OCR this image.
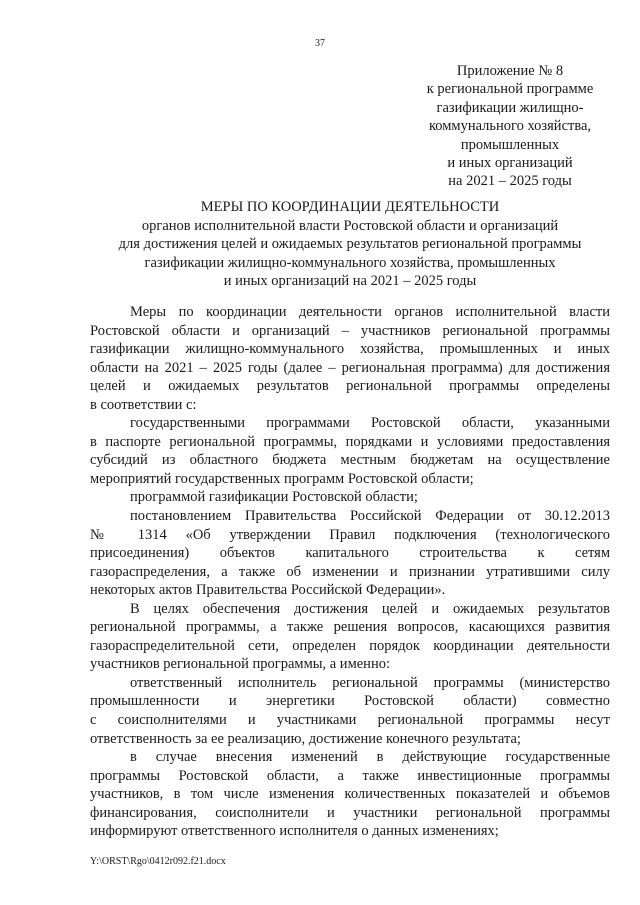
37
Приложение № 8
к региональной программе
газификации жилищно-
коммунального хозяйства,
промышленных
и иных организаций
на 2021 – 2025 годы
МЕРЫ ПО КООРДИНАЦИИ ДЕЯТЕЛЬНОСТИ
органов исполнительной власти Ростовской области и организаций
для достижения целей и ожидаемых результатов региональной программы
газификации жилищно-коммунального хозяйства, промышленных
и иных организаций на 2021 – 2025 годы
Меры по координации деятельности органов исполнительной власти
Ростовской области и организаций – участников региональной программы
газификации жилищно-коммунального хозяйства, промышленных и иных
области на 2021 – 2025 годы (далее – региональная программа) для достижения
целей и ожидаемых результатов региональной программы определены
в соответствии с:
государственными программами Ростовской области, указанными
в паспорте региональной программы, порядками и условиями предоставления
субсидий из областного бюджета местным бюджетам на осуществление
мероприятий государственных программ Ростовской области;
программой газификации Ростовской области;
постановлением Правительства Российской Федерации от 30.12.2013
№ 1314 «Об утверждении Правил подключения (технологического
присоединения) объектов капитального строительства к сетям
газораспределения, а также об изменении и признании утратившими силу
некоторых актов Правительства Российской Федерации».
В целях обеспечения достижения целей и ожидаемых результатов
региональной программы, а также решения вопросов, касающихся развития
газораспределительной сети, определен порядок координации деятельности
участников региональной программы, а именно:
ответственный исполнитель региональной программы (министерство
промышленности и энергетики Ростовской области) совместно
с соисполнителями и участниками региональной программы несут
ответственность за ее реализацию, достижение конечного результата;
в случае внесения изменений в действующие государственные
программы Ростовской области, а также инвестиционные программы
участников, в том числе изменения количественных показателей и объемов
финансирования, соисполнители и участники региональной программы
информируют ответственного исполнителя о данных изменениях;
Y:\ORST\Rgo\0412r092.f21.docx
